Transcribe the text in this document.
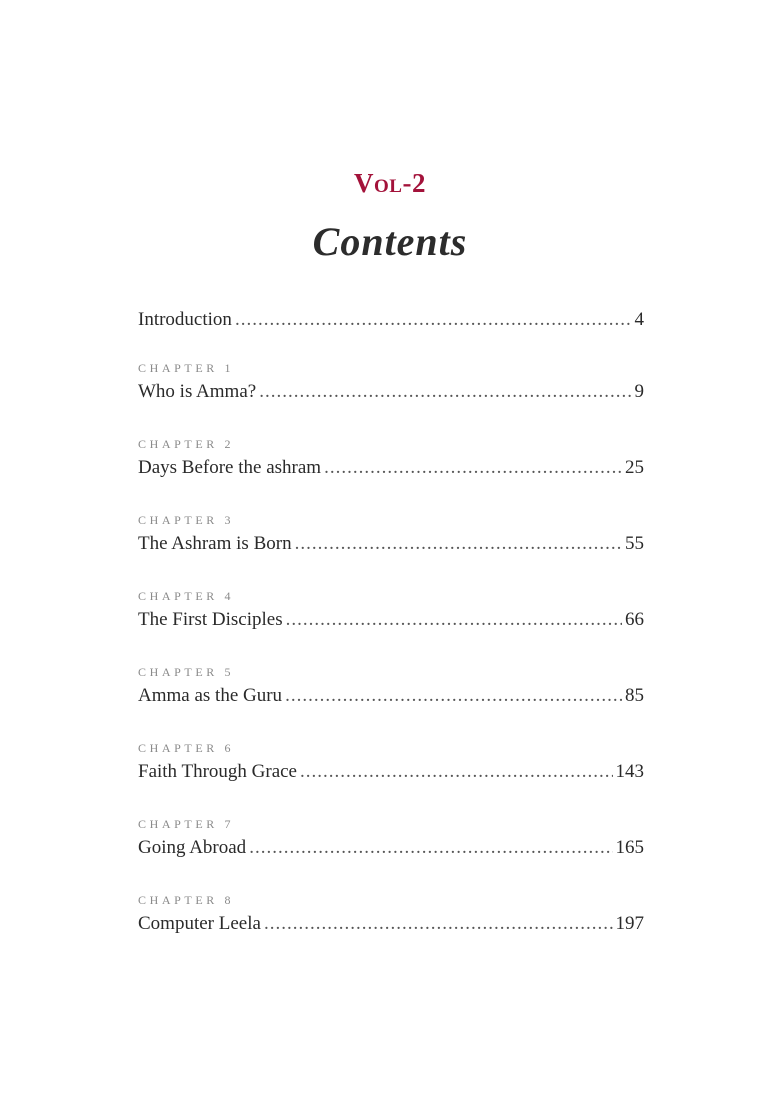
Vol-2
Contents
Introduction .....	4
CHAPTER 1
Who is Amma? .....	9
CHAPTER 2
Days Before the ashram .....	25
CHAPTER 3
The Ashram is Born .....	55
CHAPTER 4
The First Disciples .....	66
CHAPTER 5
Amma as the Guru .....	85
CHAPTER 6
Faith Through Grace .....	143
CHAPTER 7
Going Abroad .....	165
CHAPTER 8
Computer Leela .....	197
